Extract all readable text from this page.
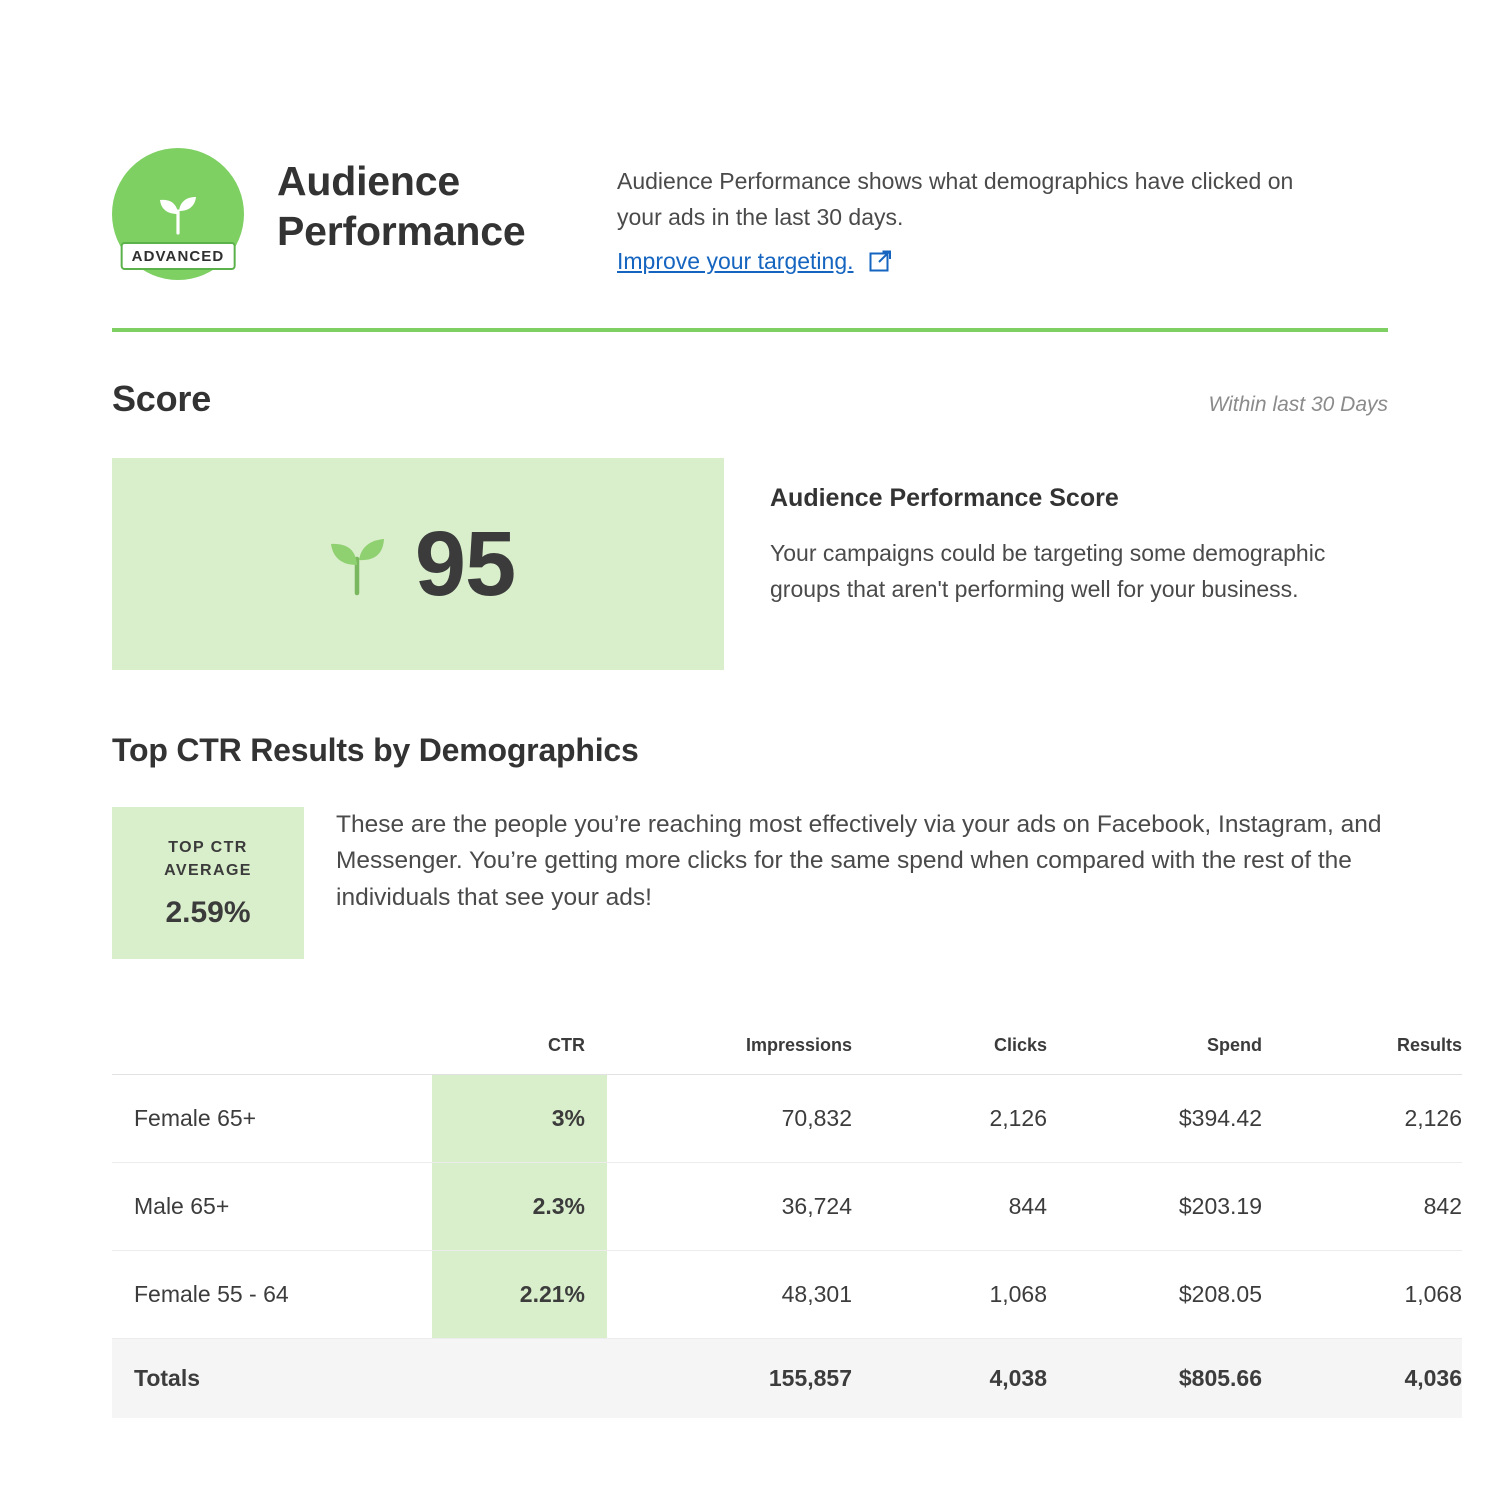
ADVANCED
Audience Performance

Audience Performance shows what demographics have clicked on your ads in the last 30 days.

Improve your targeting.
Score	Within last 30 Days
95
Audience Performance Score

Your campaigns could be targeting some demographic groups that aren't performing well for your business.

Top CTR Results by Demographics
TOP CTR
AVERAGE
2.59%
These are the people you’re reaching most effectively via your ads on Facebook, Instagram, and Messenger. You’re getting more clicks for the same spend when compared with the rest of the individuals that see your ads!
	CTR	Impressions	Clicks	Spend	Results
Female 65+	3%	70,832	2,126	$394.42	2,126
Male 65+	2.3%	36,724	844	$203.19	842
Female 55 - 64	2.21%	48,301	1,068	$208.05	1,068
Totals		155,857	4,038	$805.66	4,036
